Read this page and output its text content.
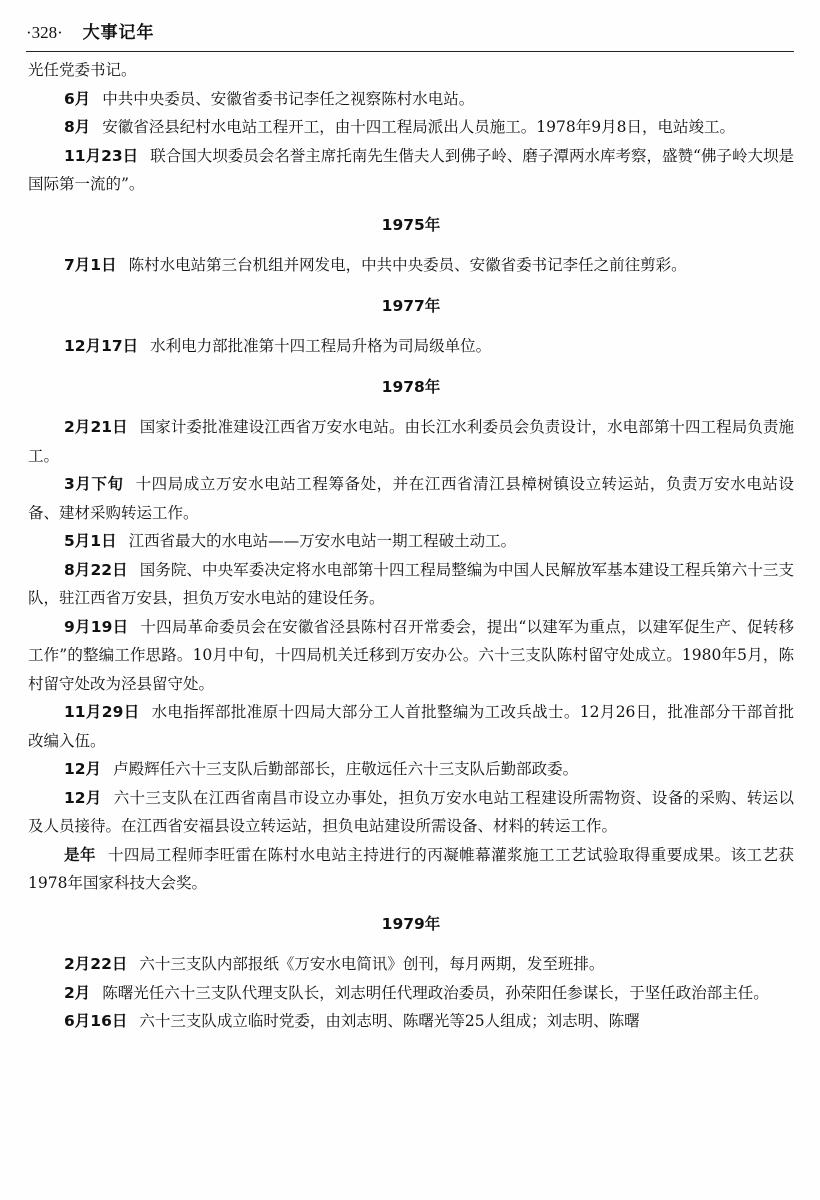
·328· 大事记年

光任党委书记。

6月 中共中央委员、安徽省委书记李任之视察陈村水电站。

8月 安徽省泾县纪村水电站工程开工，由十四工程局派出人员施工。1978年9月8日，电站竣工。

11月23日 联合国大坝委员会名誉主席托南先生偕夫人到佛子岭、磨子潭两水库考察，盛赞“佛子岭大坝是国际第一流的”。

1975年

7月1日 陈村水电站第三台机组并网发电，中共中央委员、安徽省委书记李任之前往剪彩。

1977年

12月17日 水利电力部批准第十四工程局升格为司局级单位。

1978年

2月21日 国家计委批准建设江西省万安水电站。由长江水利委员会负责设计，水电部第十四工程局负责施工。

3月下旬 十四局成立万安水电站工程筹备处，并在江西省清江县樟树镇设立转运站，负责万安水电站设备、建材采购转运工作。

5月1日 江西省最大的水电站——万安水电站一期工程破土动工。

8月22日 国务院、中央军委决定将水电部第十四工程局整编为中国人民解放军基本建设工程兵第六十三支队，驻江西省万安县，担负万安水电站的建设任务。

9月19日 十四局革命委员会在安徽省泾县陈村召开常委会，提出“以建军为重点，以建军促生产、促转移工作”的整编工作思路。10月中旬，十四局机关迁移到万安办公。六十三支队陈村留守处成立。1980年5月，陈村留守处改为泾县留守处。

11月29日 水电指挥部批准原十四局大部分工人首批整编为工改兵战士。12月26日，批准部分干部首批改编入伍。

12月 卢殿辉任六十三支队后勤部部长，庄敬远任六十三支队后勤部政委。

12月 六十三支队在江西省南昌市设立办事处，担负万安水电站工程建设所需物资、设备的采购、转运以及人员接待。在江西省安福县设立转运站，担负电站建设所需设备、材料的转运工作。

是年 十四局工程师李旺雷在陈村水电站主持进行的丙凝帷幕灌浆施工工艺试验取得重要成果。该工艺获1978年国家科技大会奖。

1979年

2月22日 六十三支队内部报纸《万安水电简讯》创刊，每月两期，发至班排。

2月 陈曙光任六十三支队代理支队长，刘志明任代理政治委员，孙荣阳任参谋长，于坚任政治部主任。

6月16日 六十三支队成立临时党委，由刘志明、陈曙光等25人组成；刘志明、陈曙
